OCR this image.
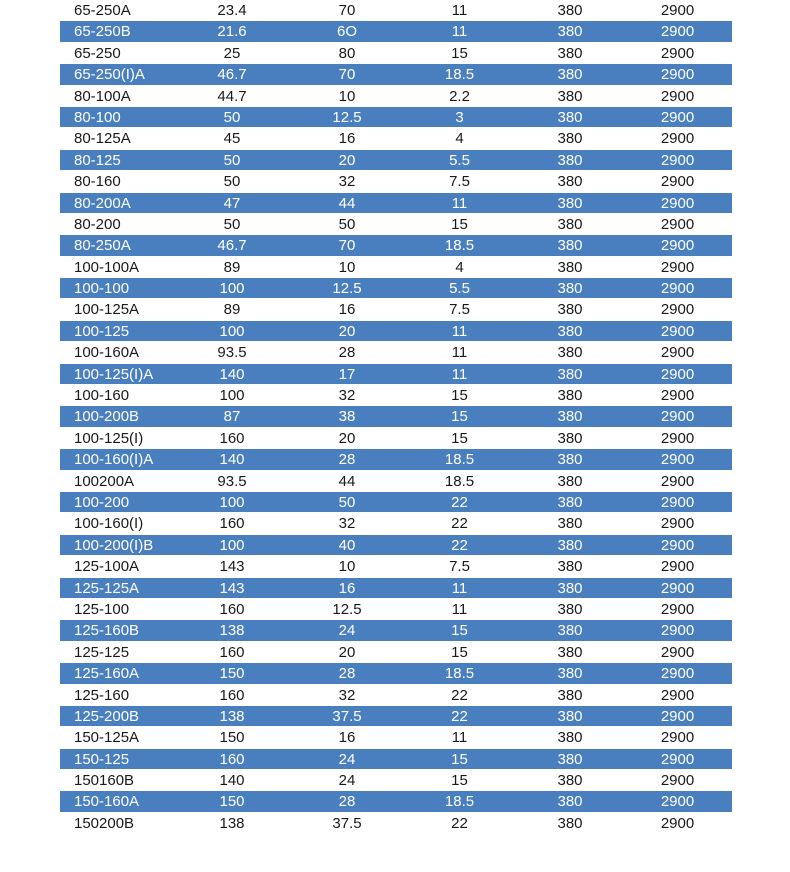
65-250A	23.4	70	11	380	2900
65-250B	21.6	6O	11	380	2900
65-250	25	80	15	380	2900
65-250(I)A	46.7	70	18.5	380	2900
80-100A	44.7	10	2.2	380	2900
80-100	50	12.5	3	380	2900
80-125A	45	16	4	380	2900
80-125	50	20	5.5	380	2900
80-160	50	32	7.5	380	2900
80-200A	47	44	11	380	2900
80-200	50	50	15	380	2900
80-250A	46.7	70	18.5	380	2900
100-100A	89	10	4	380	2900
100-100	100	12.5	5.5	380	2900
100-125A	89	16	7.5	380	2900
100-125	100	20	11	380	2900
100-160A	93.5	28	11	380	2900
100-125(I)A	140	17	11	380	2900
100-160	100	32	15	380	2900
100-200B	87	38	15	380	2900
100-125(I)	160	20	15	380	2900
100-160(I)A	140	28	18.5	380	2900
100200A	93.5	44	18.5	380	2900
100-200	100	50	22	380	2900
100-160(I)	160	32	22	380	2900
100-200(I)B	100	40	22	380	2900
125-100A	143	10	7.5	380	2900
125-125A	143	16	11	380	2900
125-100	160	12.5	11	380	2900
125-160B	138	24	15	380	2900
125-125	160	20	15	380	2900
125-160A	150	28	18.5	380	2900
125-160	160	32	22	380	2900
125-200B	138	37.5	22	380	2900
150-125A	150	16	11	380	2900
150-125	160	24	15	380	2900
150160B	140	24	15	380	2900
150-160A	150	28	18.5	380	2900
150200B	138	37.5	22	380	2900
